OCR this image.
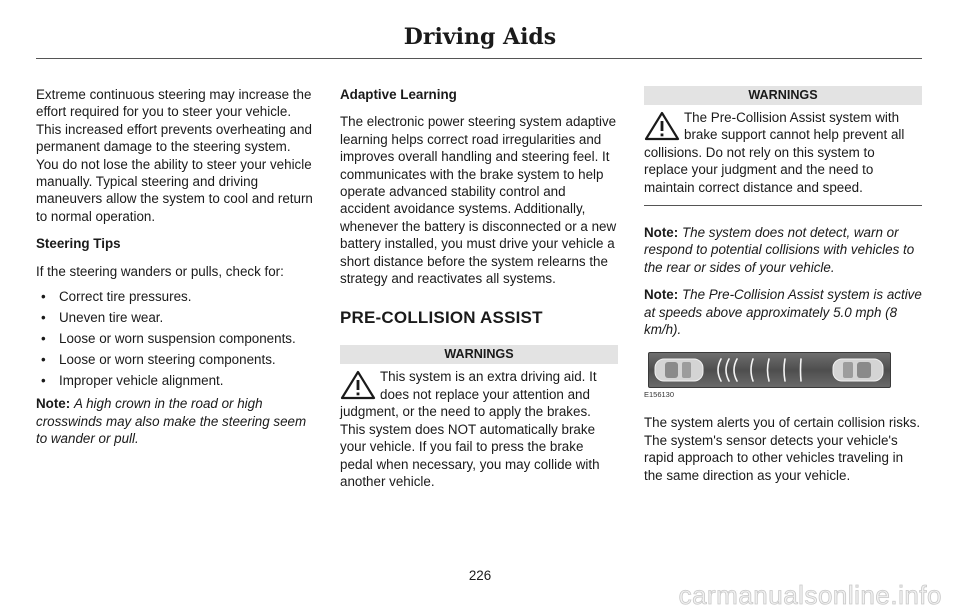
Driving Aids

Extreme continuous steering may increase the effort required for you to steer your vehicle. This increased effort prevents overheating and permanent damage to the steering system. You do not lose the ability to steer your vehicle manually. Typical steering and driving maneuvers allow the system to cool and return to normal operation.

Steering Tips

If the steering wanders or pulls, check for:

• Correct tire pressures.
• Uneven tire wear.
• Loose or worn suspension components.
• Loose or worn steering components.
• Improper vehicle alignment.

Note: A high crown in the road or high crosswinds may also make the steering seem to wander or pull.

Adaptive Learning

The electronic power steering system adaptive learning helps correct road irregularities and improves overall handling and steering feel. It communicates with the brake system to help operate advanced stability control and accident avoidance systems. Additionally, whenever the battery is disconnected or a new battery installed, you must drive your vehicle a short distance before the system relearns the strategy and reactivates all systems.

PRE-COLLISION ASSIST
WARNINGS

This system is an extra driving aid. It does not replace your attention and judgment, or the need to apply the brakes. This system does NOT automatically brake your vehicle. If you fail to press the brake pedal when necessary, you may collide with another vehicle.

WARNINGS

The Pre-Collision Assist system with brake support cannot help prevent all collisions. Do not rely on this system to replace your judgment and the need to maintain correct distance and speed.

Note: The system does not detect, warn or respond to potential collisions with vehicles to the rear or sides of your vehicle.

Note: The Pre-Collision Assist system is active at speeds above approximately 5.0 mph (8 km/h).

E156130

The system alerts you of certain collision risks. The system's sensor detects your vehicle's rapid approach to other vehicles traveling in the same direction as your vehicle.

226
carmanualsonline.info
